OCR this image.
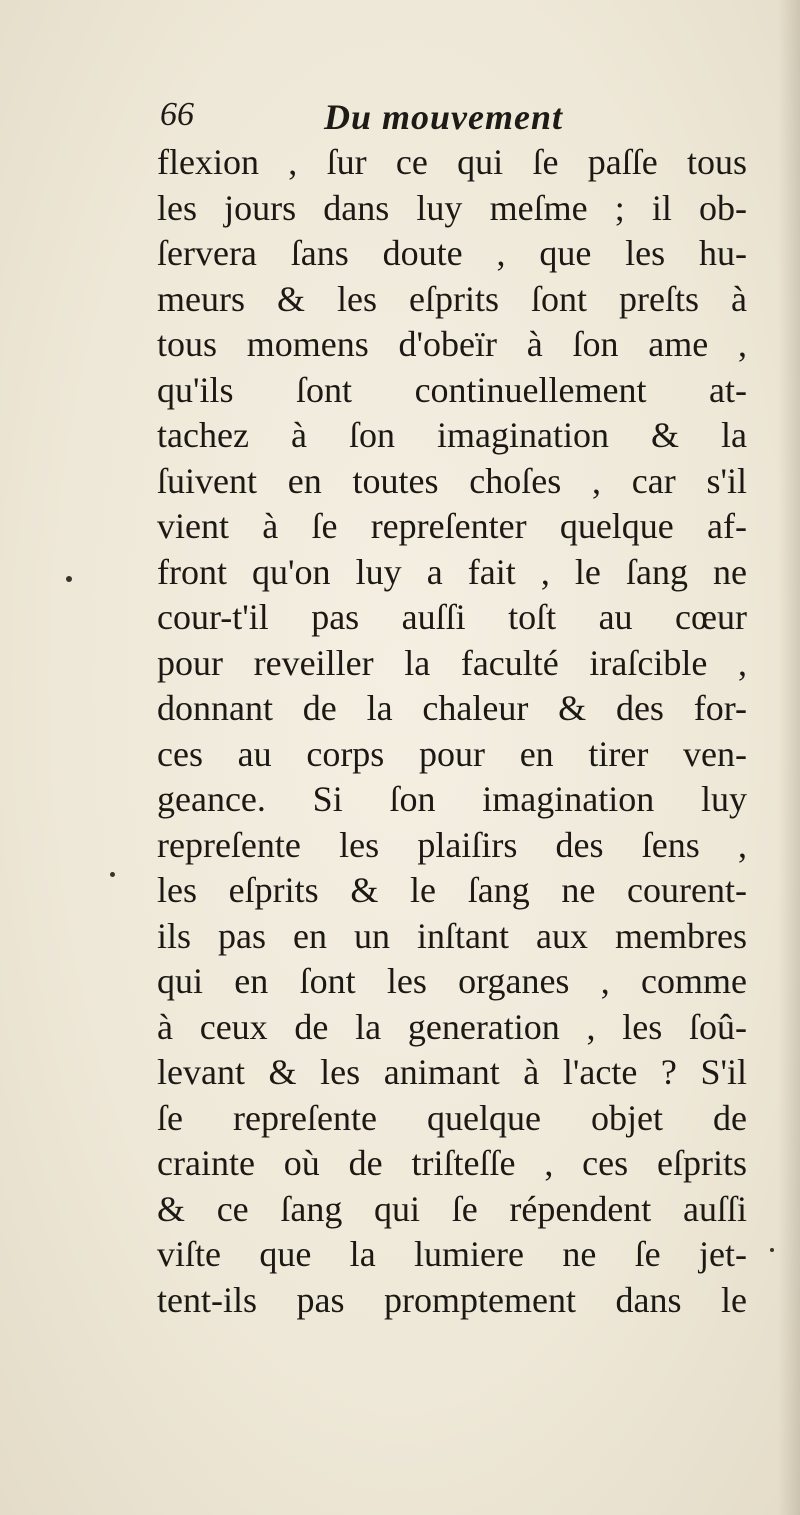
66	Du mouvement
flexion , ſur ce qui ſe paſſe tous
les jours dans luy meſme ; il ob-
ſervera ſans doute , que les hu-
meurs & les eſprits ſont preſts à
tous momens d'obeïr à ſon ame ,
qu'ils ſont continuellement at-
tachez à ſon imagination & la
ſuivent en toutes choſes , car s'il
vient à ſe repreſenter quelque af-
front qu'on luy a fait , le ſang ne
cour-t'il pas auſſi toſt au cœur
pour reveiller la faculté iraſcible ,
donnant de la chaleur & des for-
ces au corps pour en tirer ven-
geance. Si ſon imagination luy
repreſente les plaiſirs des ſens ,
les eſprits & le ſang ne courent-
ils pas en un inſtant aux membres
qui en ſont les organes , comme
à ceux de la generation , les ſoû-
levant & les animant à l'acte ? S'il
ſe repreſente quelque objet de
crainte où de triſteſſe , ces eſprits
& ce ſang qui ſe répendent auſſi
viſte que la lumiere ne ſe jet-
tent-ils pas promptement dans le
